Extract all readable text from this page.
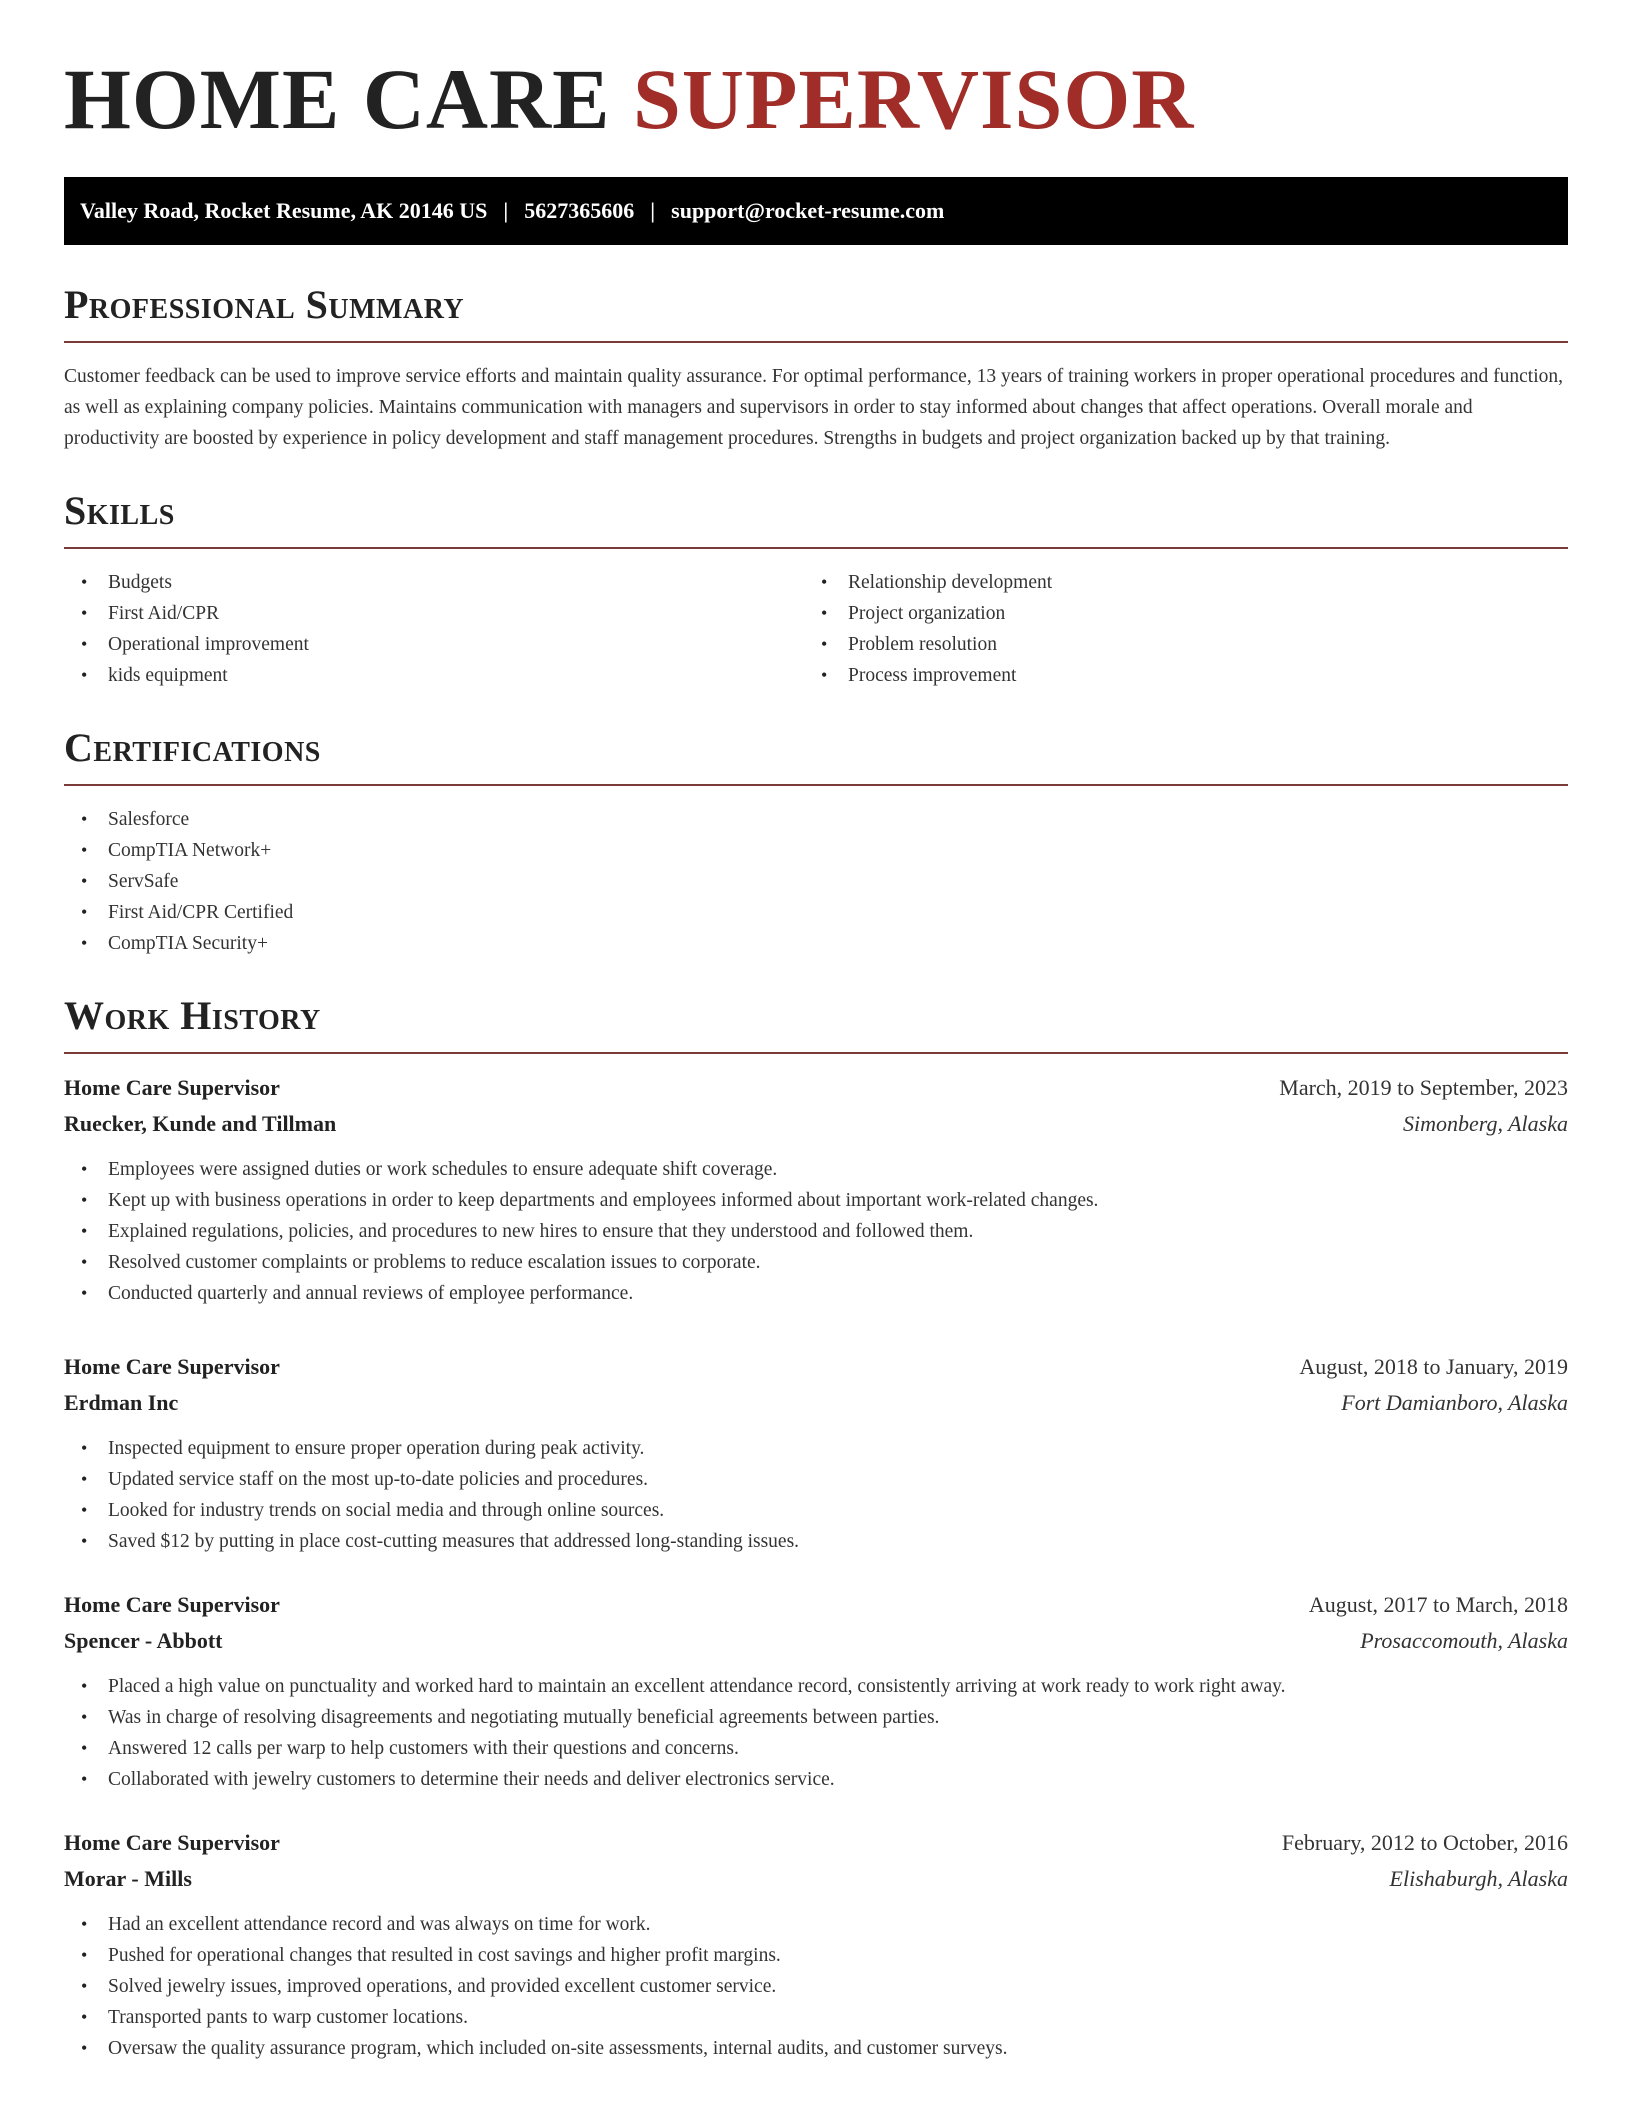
HOME CARE SUPERVISOR
Valley Road, Rocket Resume, AK 20146 US | 5627365606 | support@rocket-resume.com
Professional Summary

Customer feedback can be used to improve service efforts and maintain quality assurance. For optimal performance, 13 years of training workers in proper operational procedures and function, as well as explaining company policies. Maintains communication with managers and supervisors in order to stay informed about changes that affect operations. Overall morale and productivity are boosted by experience in policy development and staff management procedures. Strengths in budgets and project organization backed up by that training.

Skills
• Budgets
• First Aid/CPR
• Operational improvement
• kids equipment
• Relationship development
• Project organization
• Problem resolution
• Process improvement
Certifications
• Salesforce
• CompTIA Network+
• ServSafe
• First Aid/CPR Certified
• CompTIA Security+
Work History
Home Care Supervisor	March, 2019 to September, 2023
Ruecker, Kunde and Tillman	Simonberg, Alaska
• Employees were assigned duties or work schedules to ensure adequate shift coverage.
• Kept up with business operations in order to keep departments and employees informed about important work-related changes.
• Explained regulations, policies, and procedures to new hires to ensure that they understood and followed them.
• Resolved customer complaints or problems to reduce escalation issues to corporate.
• Conducted quarterly and annual reviews of employee performance.
Home Care Supervisor	August, 2018 to January, 2019
Erdman Inc	Fort Damianboro, Alaska
• Inspected equipment to ensure proper operation during peak activity.
• Updated service staff on the most up-to-date policies and procedures.
• Looked for industry trends on social media and through online sources.
• Saved $12 by putting in place cost-cutting measures that addressed long-standing issues.
Home Care Supervisor	August, 2017 to March, 2018
Spencer - Abbott	Prosaccomouth, Alaska
• Placed a high value on punctuality and worked hard to maintain an excellent attendance record, consistently arriving at work ready to work right away.
• Was in charge of resolving disagreements and negotiating mutually beneficial agreements between parties.
• Answered 12 calls per warp to help customers with their questions and concerns.
• Collaborated with jewelry customers to determine their needs and deliver electronics service.
Home Care Supervisor	February, 2012 to October, 2016
Morar - Mills	Elishaburgh, Alaska
• Had an excellent attendance record and was always on time for work.
• Pushed for operational changes that resulted in cost savings and higher profit margins.
• Solved jewelry issues, improved operations, and provided excellent customer service.
• Transported pants to warp customer locations.
• Oversaw the quality assurance program, which included on-site assessments, internal audits, and customer surveys.
